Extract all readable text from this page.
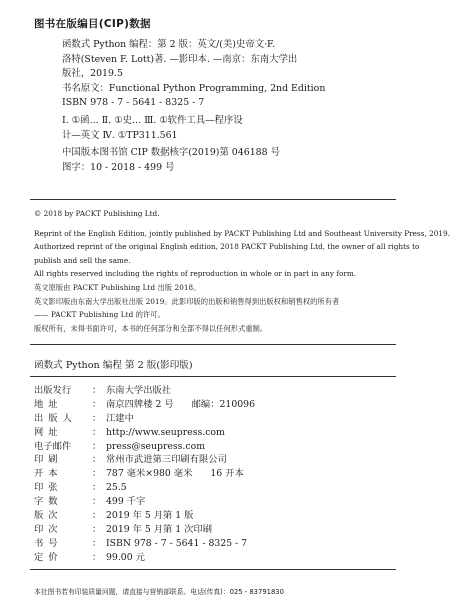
图书在版编目(CIP)数据
函数式 Python 编程：第 2 版：英文/(美)史帝文·F.
洛特(Steven F. Lott)著. —影印本. —南京：东南大学出
版社，2019.5
书名原文：Functional Python Programming, 2nd Edition
ISBN 978 - 7 - 5641 - 8325 - 7
Ⅰ. ①函… Ⅱ. ①史… Ⅲ. ①软件工具—程序设
计—英文 Ⅳ. ①TP311.561
中国版本图书馆 CIP 数据核字(2019)第 046188 号
图字：10 - 2018 - 499 号
© 2018 by PACKT Publishing Ltd.
Reprint of the English Edition, jointly published by PACKT Publishing Ltd and Southeast University Press, 2019.
Authorized reprint of the original English edition, 2018 PACKT Publishing Ltd, the owner of all rights to
publish and sell the same.
All rights reserved including the rights of reproduction in whole or in part in any form.
英文原版由 PACKT Publishing Ltd 出版 2018。
英文影印版由东南大学出版社出版 2019。此影印版的出版和销售得到出版权和销售权的所有者
—— PACKT Publishing Ltd 的许可。
版权所有，未得书面许可，本书的任何部分和全部不得以任何形式重制。
函数式 Python 编程 第 2 版(影印版)
出版发行	： 东南大学出版社
地 址	： 南京四牌楼 2 号 邮编：210096
出 版 人	： 江建中
网 址	： http://www.seupress.com
电子邮件	： press@seupress.com
印 刷	： 常州市武进第三印刷有限公司
开 本	： 787 毫米×980 毫米 16 开本
印 张	： 25.5
字 数	： 499 千字
版 次	： 2019 年 5 月第 1 版
印 次	： 2019 年 5 月第 1 次印刷
书 号	： ISBN 978 - 7 - 5641 - 8325 - 7
定 价	： 99.00 元
本社图书若有印装质量问题，请直接与营销部联系。电话(传真)：025 - 83791830
